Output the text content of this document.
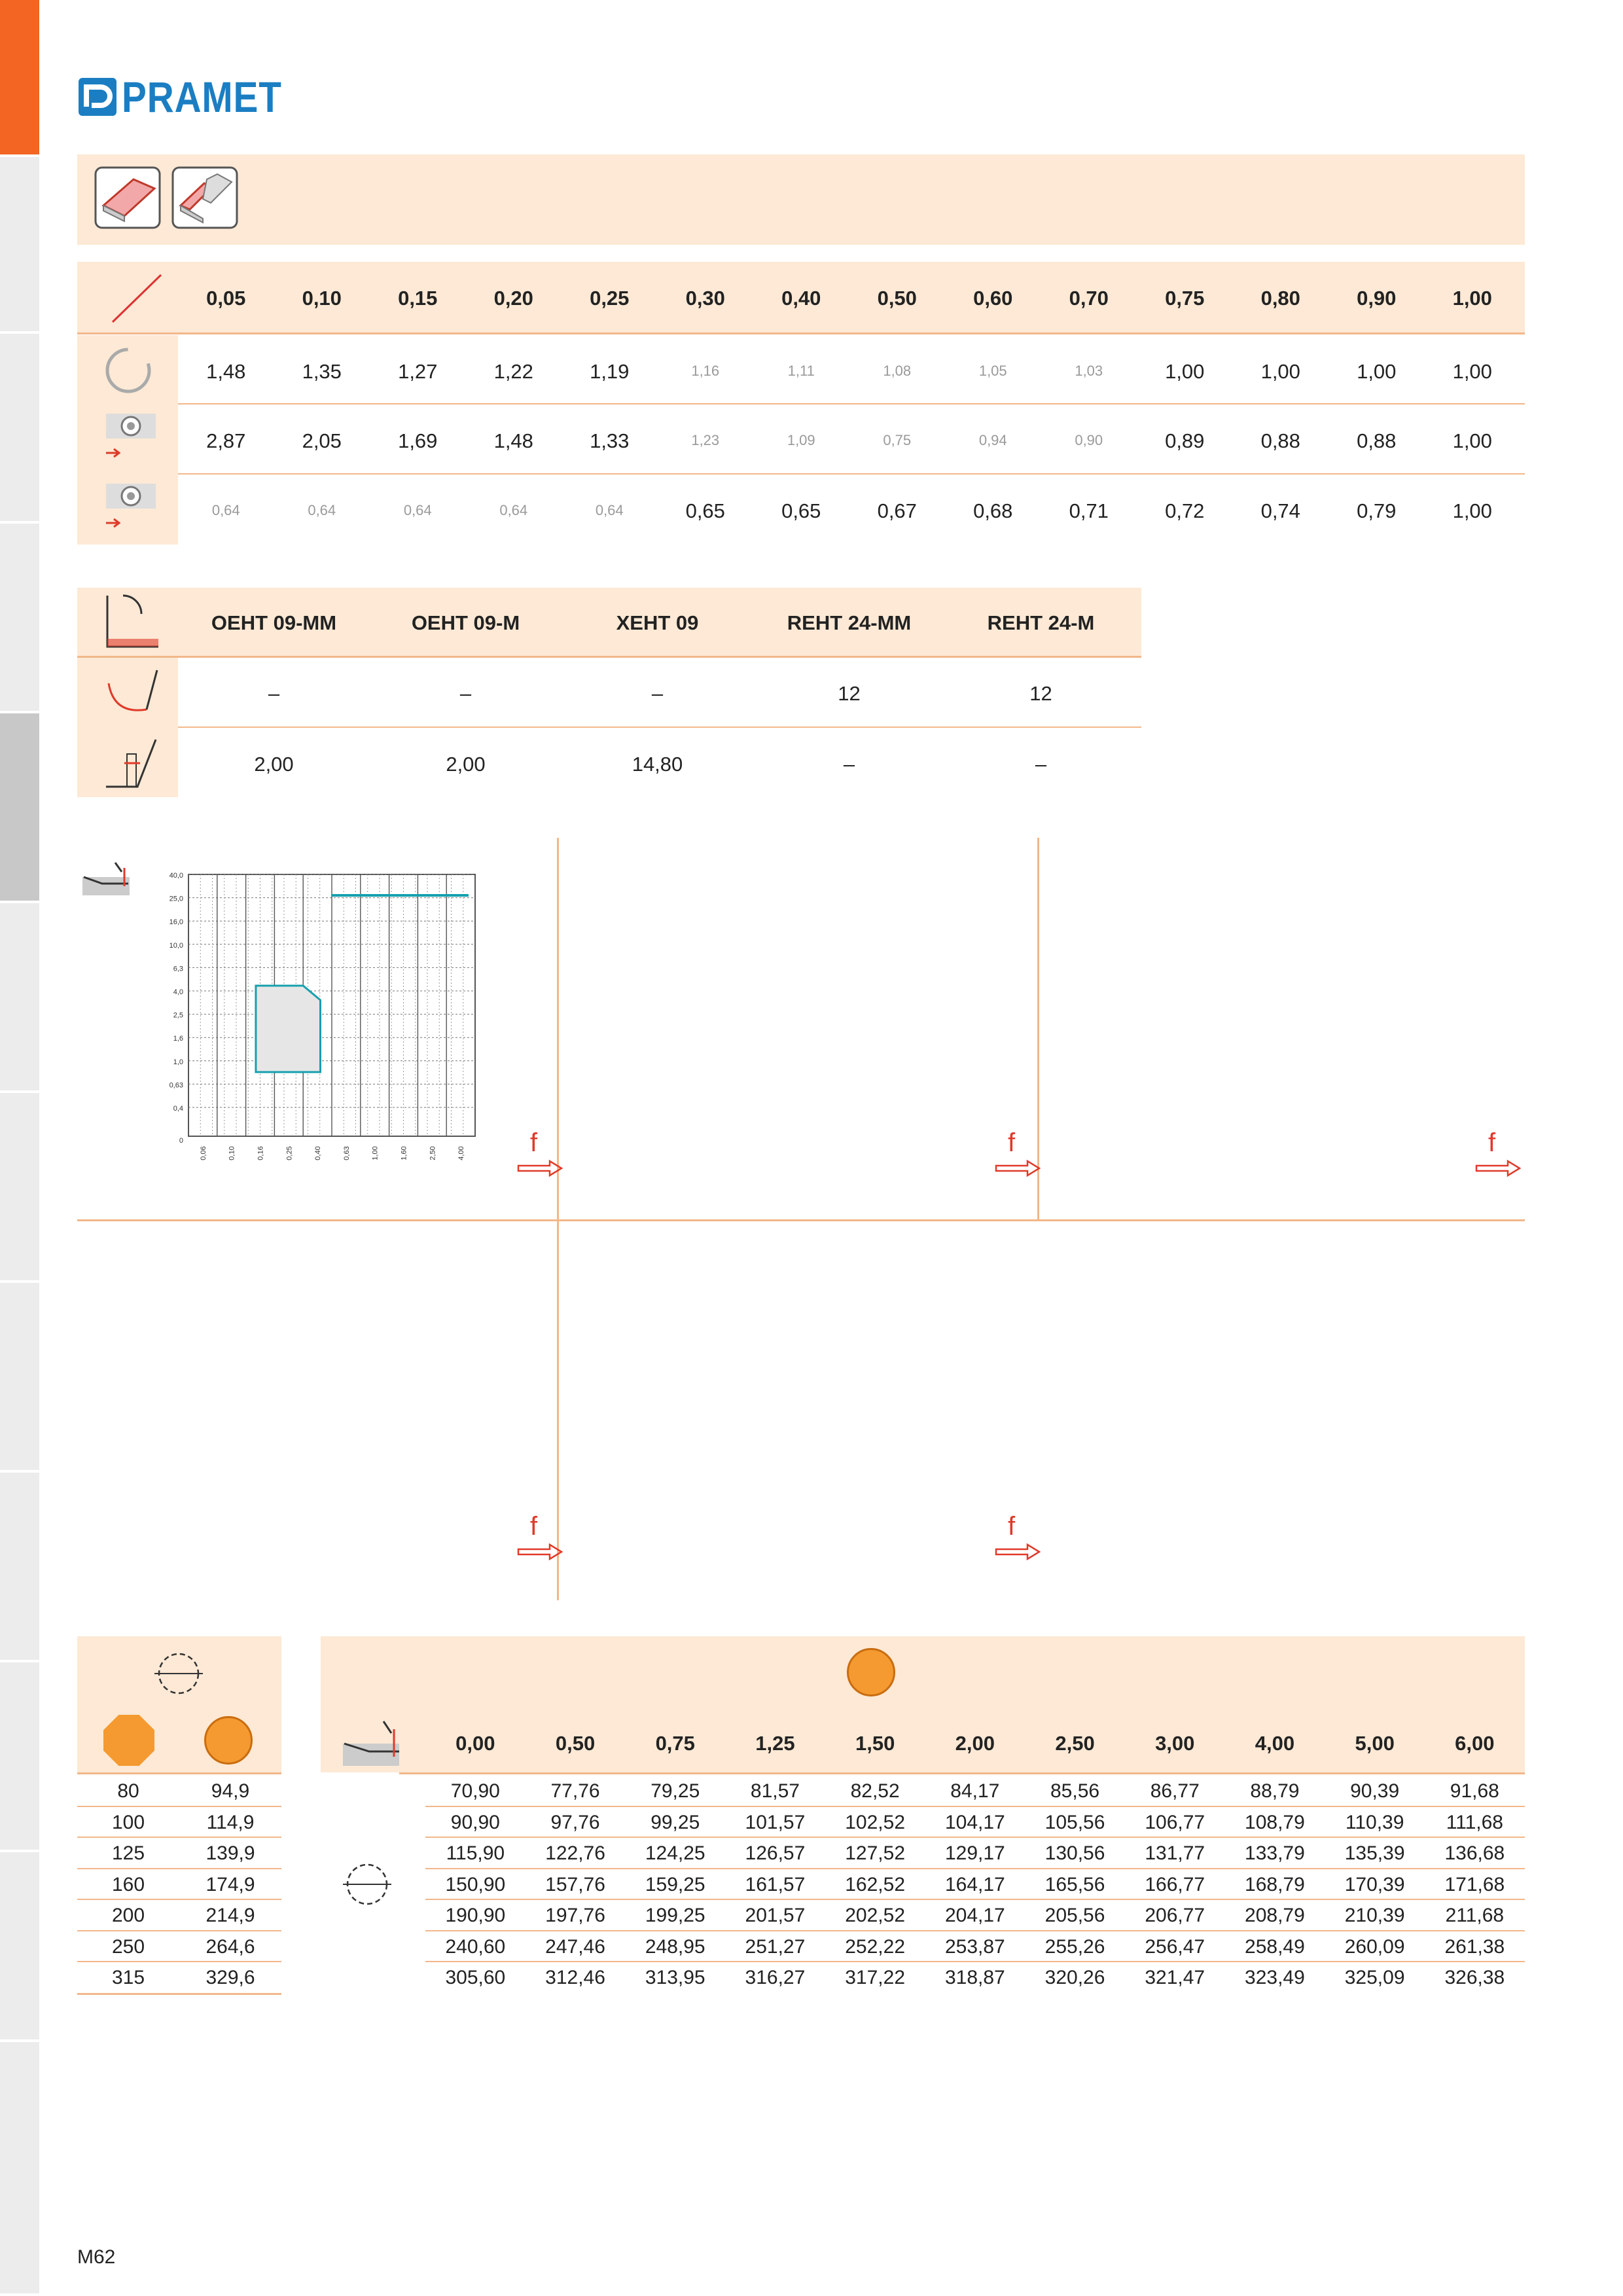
PRAMET
0,05	0,10	0,15	0,20	0,25	0,30	0,40	0,50	0,60	0,70	0,75	0,80	0,90	1,00
1,48	1,35	1,27	1,22	1,19	1,16	1,11	1,08	1,05	1,03	1,00	1,00	1,00	1,00
2,87	2,05	1,69	1,48	1,33	1,23	1,09	0,75	0,94	0,90	0,89	0,88	0,88	1,00
0,64	0,64	0,64	0,64	0,64	0,65	0,65	0,67	0,68	0,71	0,72	0,74	0,79	1,00
OEHT 09-MM	OEHT 09-M	XEHT 09	REHT 24-MM	REHT 24-M
–	–	–	12	12
2,00	2,00	14,80	–	–
40,0
25,0
16,0
10,0
6,3
4,0
2,5
1,6
1,0
0,63
0,4
0
0,06	0,10	0,16	0,25	0,40	0,63	1,00	1,60	2,50	4,00 f	f	f
f	f
0,00	0,50	0,75	1,25	1,50	2,00	2,50	3,00	4,00	5,00	6,00
80	94,9	70,90	77,76	79,25	81,57	82,52	84,17	85,56	86,77	88,79	90,39	91,68
100	114,9	90,90	97,76	99,25	101,57	102,52	104,17	105,56	106,77	108,79	110,39	111,68
125	139,9	115,90	122,76	124,25	126,57	127,52	129,17	130,56	131,77	133,79	135,39	136,68
160	174,9	150,90	157,76	159,25	161,57	162,52	164,17	165,56	166,77	168,79	170,39	171,68
200	214,9	190,90	197,76	199,25	201,57	202,52	204,17	205,56	206,77	208,79	210,39	211,68
250	264,6	240,60	247,46	248,95	251,27	252,22	253,87	255,26	256,47	258,49	260,09	261,38
315	329,6	305,60	312,46	313,95	316,27	317,22	318,87	320,26	321,47	323,49	325,09	326,38
M62
